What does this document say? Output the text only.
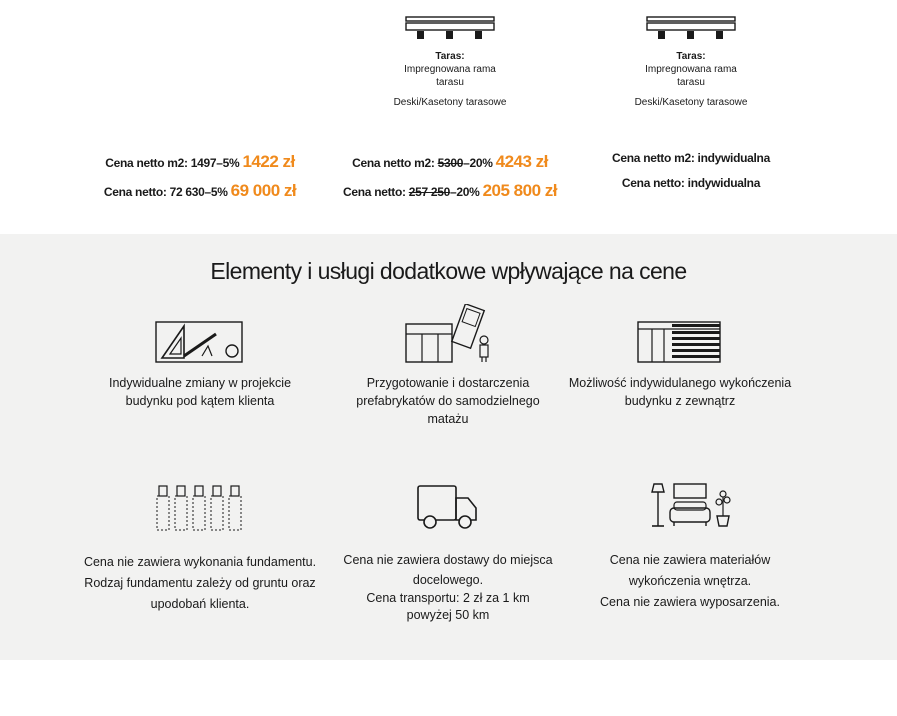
Cena netto m2: 1497–5% 1422 zł
Cena netto: 72 630–5% 69 000 zł
Taras:
Impregnowana rama
tarasu
Deski/Kasetony tarasowe
Cena netto m2: 5300–20% 4243 zł
Cena netto: 257 250–20% 205 800 zł
Taras:
Impregnowana rama
tarasu
Deski/Kasetony tarasowe
Cena netto m2: indywidualna
Cena netto: indywidualna
Elementy i usługi dodatkowe wpływające na cene
Indywidualne zmiany w projekcie
budynku pod kątem klienta
Przygotowanie i dostarczenia
prefabrykatów do samodzielnego
matażu
Możliwość indywidulanego wykończenia
budynku z zewnątrz
Cena nie zawiera wykonania fundamentu.
Rodzaj fundamentu zależy od gruntu oraz
upodobań klienta.
Cena nie zawiera dostawy do miejsca
docelowego.
Cena transportu: 2 zł za 1 km
powyżej 50 km
Cena nie zawiera materiałów
wykończenia wnętrza.
Cena nie zawiera wyposarzenia.
